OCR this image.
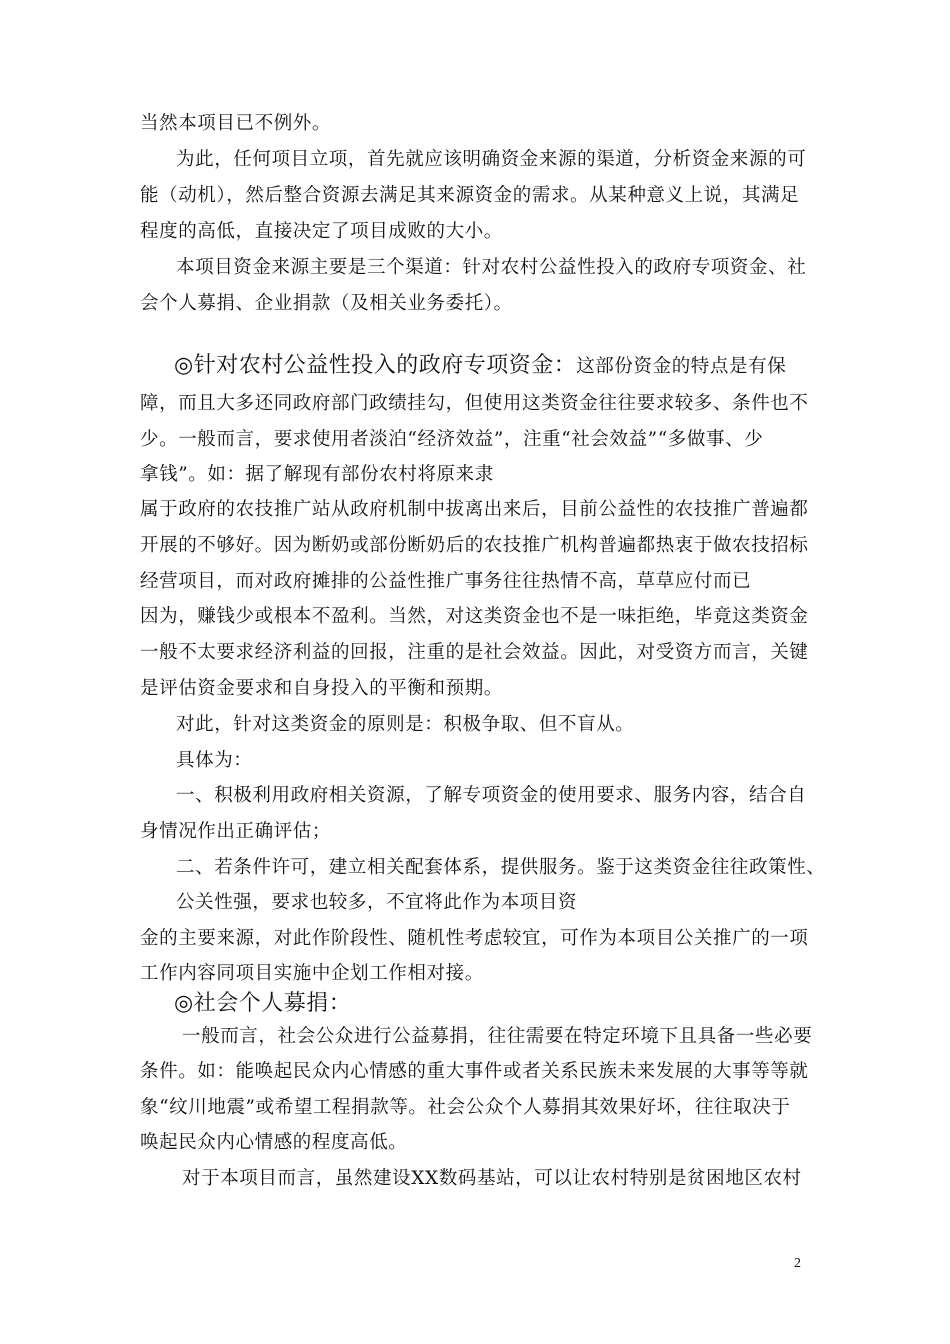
当然本项目已不例外。
为此，任何项目立项，首先就应该明确资金来源的渠道，分析资金来源的可
能（动机），然后整合资源去满足其来源资金的需求。从某种意义上说，其满足
程度的高低，直接决定了项目成败的大小。
本项目资金来源主要是三个渠道：针对农村公益性投入的政府专项资金、社
会个人募捐、企业捐款（及相关业务委托）。
◎针对农村公益性投入的政府专项资金：这部份资金的特点是有保
障，而且大多还同政府部门政绩挂勾，但使用这类资金往往要求较多、条件也不
少。一般而言，要求使用者淡泊“经济效益”，注重“社会效益”“多做事、少
拿钱”。如：据了解现有部份农村将原来隶
属于政府的农技推广站从政府机制中拔离出来后，目前公益性的农技推广普遍都
开展的不够好。因为断奶或部份断奶后的农技推广机构普遍都热衷于做农技招标
经营项目，而对政府摊排的公益性推广事务往往热情不高，草草应付而已
因为，赚钱少或根本不盈利。当然，对这类资金也不是一味拒绝，毕竟这类资金
一般不太要求经济利益的回报，注重的是社会效益。因此，对受资方而言，关键
是评估资金要求和自身投入的平衡和预期。
对此，针对这类资金的原则是：积极争取、但不盲从。
具体为：
一、积极利用政府相关资源，了解专项资金的使用要求、服务内容，结合自
身情况作出正确评估；
二、若条件许可，建立相关配套体系，提供服务。鉴于这类资金往往政策性、
公关性强，要求也较多，不宜将此作为本项目资
金的主要来源，对此作阶段性、随机性考虑较宜，可作为本项目公关推广的一项
工作内容同项目实施中企划工作相对接。
◎社会个人募捐：
一般而言，社会公众进行公益募捐，往往需要在特定环境下且具备一些必要
条件。如：能唤起民众内心情感的重大事件或者关系民族未来发展的大事等等就
象“纹川地震”或希望工程捐款等。社会公众个人募捐其效果好坏，往往取决于
唤起民众内心情感的程度高低。
对于本项目而言，虽然建设XX数码基站，可以让农村特别是贫困地区农村
2
